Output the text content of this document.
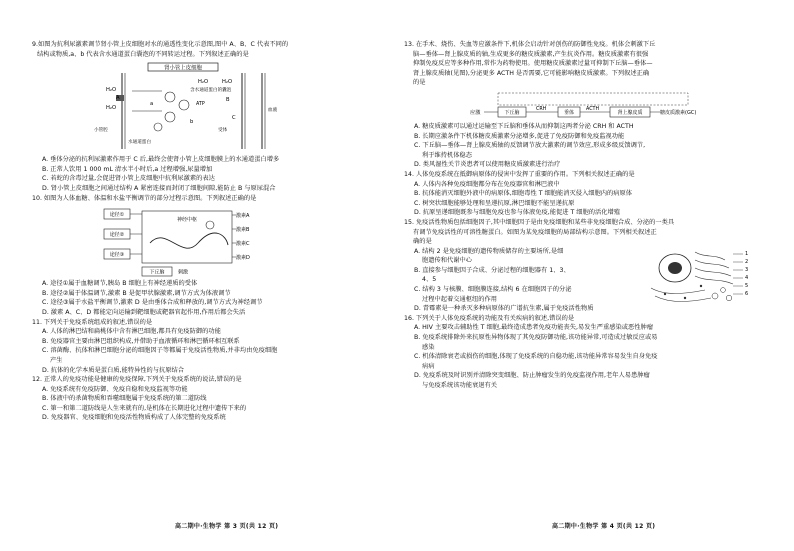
9.如图为抗利尿激素调节肾小管上皮细胞对水的通透性变化示意图,图中 A、B、C 代表不同的

结构或物质,a、b 代表含水通道蛋白囊泡的不同转运过程。下列叙述正确的是

肾小管上皮细胞
H₂O
H₂O
H₂O	H₂O
A	B
C
a
b
ATP
含水通道蛋白的囊泡
水通道蛋白
受体
小管腔
血液

A. 垂体分泌的抗利尿激素作用于 C 后,最终会使肾小管上皮细胞膜上的水通道蛋白增多

B. 正常人饮用 1 000 mL 清水半小时后,a 过程增强,尿量增加

C. 若蛇的含毒过量,会促进肾小管上皮细胞中抗利尿激素的表达

D. 肾小管上皮细胞之间通过结构 A 紧密连接而封闭了细胞间隙,能防止 B 与原尿混合

10. 如图为人体血糖、体温和水盐平衡调节的部分过程示意图。下列叙述正确的是

途径①
途径②
途径③
神经中枢
下丘脑
激素A
激素B
激素C
激素D
刺激

A. 途径①属于血糖调节,胰岛 B 细胞上有神经递质的受体

B. 途径②属于体温调节,激素 B 是促甲状腺激素,调节方式为体液调节

C. 途径③属于水盐平衡调节,激素 D 是由垂体合成和释放的,调节方式为神经调节

D. 激素 A、C、D 都能定向运输到靶细胞或靶器官起作用,作用后都会失活

11. 下列关于免疫系统组成的叙述,错误的是

A. 人体的淋巴结和扁桃体中含有淋巴细胞,都具有免疫防御的功能

B. 免疫器官主要由淋巴组织构成,并借助于血液循环和淋巴循环相互联系

C. 溶菌酶、抗体和淋巴细胞分泌的细胞因子等都属于免疫活性物质,并非均由免疫细胞

产生

D. 抗体的化学本质是蛋白质,能特异性的与抗原结合

12. 正常人的免疫功能是健康的免疫保障,下列关于免疫系统的说法,错误的是

A. 免疫系统有免疫防御、免疫自稳和免疫监视等功能

B. 体液中的杀菌物质和吞噬细胞属于免疫系统的第二道防线

C. 第一和第二道防线是人生来就有的,是机体在长期进化过程中遗传下来的

D. 免疫器官、免疫细胞和免疫活性物质构成了人体完整的免疫系统

13. 在手术、烧伤、失血等应激条件下,机体会启动针对创伤的防御性免疫。机体会刺激下丘

脑—垂体—肾上腺皮质的轴,生成更多的糖皮质激素,产生抗炎作用。糖皮质激素有很强

抑制免疫反应等多种作用,常作为药物使用。使用糖皮质激素过量可抑制下丘脑—垂体—

肾上腺皮质轴(见图),分泌更多 ACTH 是否需要,它可能影响糖皮质激素。下列叙述正确

的是

应激	下丘脑
CRH
垂体
ACTH
肾上腺皮质	糖皮质激素(GC)

A. 糖皮质激素可以通过运输至下丘脑和垂体从而抑制这两者分泌 CRH 和 ACTH

B. 长期应激条件下机体糖皮质激素分泌增多,促进了免疫防御和免疫监视功能

C. 下丘脑—垂体—肾上腺皮质轴的反馈调节放大激素的调节效应,形成多级反馈调节,

利于维持机体稳态

D. 类风湿性关节炎患者可以使用糖皮质激素进行治疗

14. 人体免疫系统在抵御病原体的侵害中发挥了重要的作用。下列相关叙述正确的是

A. 人体内各种免疫细胞都分布在免疫器官和淋巴液中

B. 抗体能消灭细胞外液中的病原体,细胞毒性 T 细胞能消灭侵入细胞内的病原体

C. 树突状细胞能够处理和呈递抗原,淋巴细胞不能呈递抗原

D. 抗原呈递细胞既参与细胞免疫也参与体液免疫,能促进 T 细胞的活化增殖

15. 免疫活性物质包括细胞因子,其中细胞因子是由免疫细胞和某些非免疫细胞合成、分泌的一类具

有调节免疫活性的可溶性糖蛋白。如图为某免疫细胞的局部结构示意图。下列相关叙述正

确的是

1
2
3
4
5
6

A. 结构 2 是免疫细胞的遗传物质储存的主要场所,是细

胞遗传和代谢中心

B. 直接参与细胞因子合成、分泌过程的细胞器有 1、3、

4、5

C. 结构 3 与核膜、细胞膜连接,结构 6 在细胞因子的分泌

过程中起着交通枢纽的作用

D. 青霉素是一种杀灭多种病原体的广谱抗生素,属于免疫活性物质

16. 下列关于人体免疫系统的功能及有关疾病的叙述,错误的是

A. HIV 主要攻击辅助性 T 细胞,最终造成患者免疫功能丧失,易发生严重感染或恶性肿瘤

B. 免疫系统排除外来抗原性异物体现了其免疫防御功能,该功能异常,可造成过敏反应或易

感染

C. 机体清除衰老或损伤的细胞,体现了免疫系统的自稳功能,该功能异常容易发生自身免疫

病病

D. 免疫系统及时识别并清除突变细胞、防止肿瘤发生的免疫监视作用,老年人易患肿瘤

与免疫系统该功能衰退有关

高二期中·生物学 第 3 页(共 12 页)	高二期中·生物学 第 4 页(共 12 页)
